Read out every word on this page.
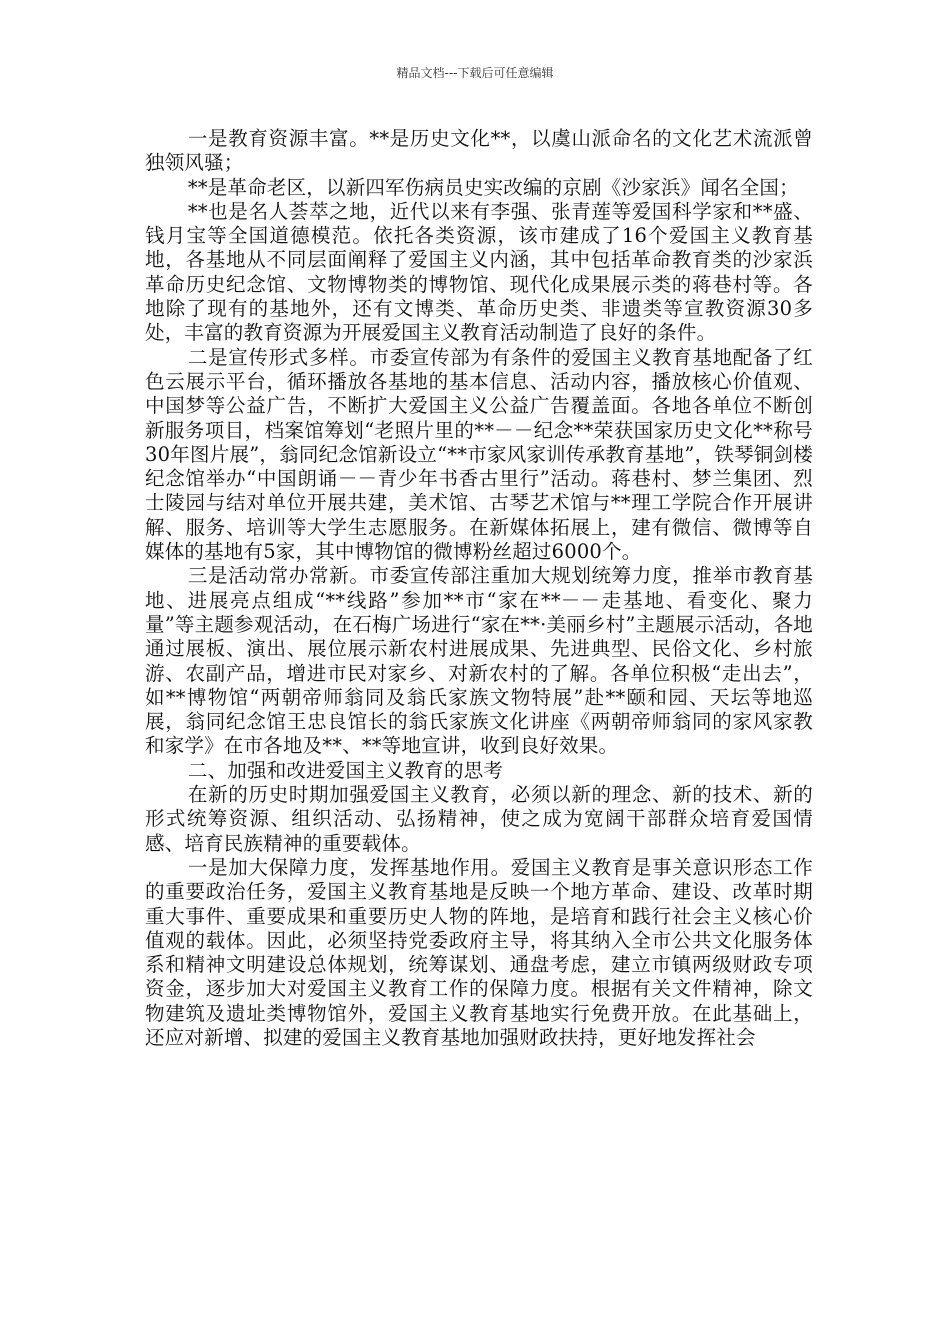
精品文档---下载后可任意编辑

一是教育资源丰富。**是历史文化**，以虞山派命名的文化艺术流派曾独领风骚；

**是革命老区，以新四军伤病员史实改编的京剧《沙家浜》闻名全国；

**也是名人荟萃之地，近代以来有李强、张青莲等爱国科学家和**盛、钱月宝等全国道德模范。依托各类资源，该市建成了16个爱国主义教育基地，各基地从不同层面阐释了爱国主义内涵，其中包括革命教育类的沙家浜革命历史纪念馆、文物博物类的博物馆、现代化成果展示类的蒋巷村等。各地除了现有的基地外，还有文博类、革命历史类、非遗类等宣教资源30多处，丰富的教育资源为开展爱国主义教育活动制造了良好的条件。

二是宣传形式多样。市委宣传部为有条件的爱国主义教育基地配备了红色云展示平台，循环播放各基地的基本信息、活动内容，播放核心价值观、中国梦等公益广告，不断扩大爱国主义公益广告覆盖面。各地各单位不断创新服务项目，档案馆筹划“老照片里的**－－纪念**荣获国家历史文化**称号30年图片展”，翁同纪念馆新设立“**市家风家训传承教育基地”，铁琴铜剑楼纪念馆举办“中国朗诵－－青少年书香古里行”活动。蒋巷村、梦兰集团、烈士陵园与结对单位开展共建，美术馆、古琴艺术馆与**理工学院合作开展讲解、服务、培训等大学生志愿服务。在新媒体拓展上，建有微信、微博等自媒体的基地有5家，其中博物馆的微博粉丝超过6000个。

三是活动常办常新。市委宣传部注重加大规划统筹力度，推举市教育基地、进展亮点组成“**线路”参加**市“家在**－－走基地、看变化、聚力量”等主题参观活动，在石梅广场进行“家在**·美丽乡村”主题展示活动，各地通过展板、演出、展位展示新农村进展成果、先进典型、民俗文化、乡村旅游、农副产品，增进市民对家乡、对新农村的了解。各单位积极“走出去”，如**博物馆“两朝帝师翁同及翁氏家族文物特展”赴**颐和园、天坛等地巡展，翁同纪念馆王忠良馆长的翁氏家族文化讲座《两朝帝师翁同的家风家教和家学》在市各地及**、**等地宣讲，收到良好效果。

二、加强和改进爱国主义教育的思考

在新的历史时期加强爱国主义教育，必须以新的理念、新的技术、新的形式统筹资源、组织活动、弘扬精神，使之成为宽阔干部群众培育爱国情感、培育民族精神的重要载体。

一是加大保障力度，发挥基地作用。爱国主义教育是事关意识形态工作的重要政治任务，爱国主义教育基地是反映一个地方革命、建设、改革时期重大事件、重要成果和重要历史人物的阵地，是培育和践行社会主义核心价值观的载体。因此，必须坚持党委政府主导，将其纳入全市公共文化服务体系和精神文明建设总体规划，统筹谋划、通盘考虑，建立市镇两级财政专项资金，逐步加大对爱国主义教育工作的保障力度。根据有关文件精神，除文物建筑及遗址类博物馆外，爱国主义教育基地实行免费开放。在此基础上，还应对新增、拟建的爱国主义教育基地加强财政扶持，更好地发挥社会
